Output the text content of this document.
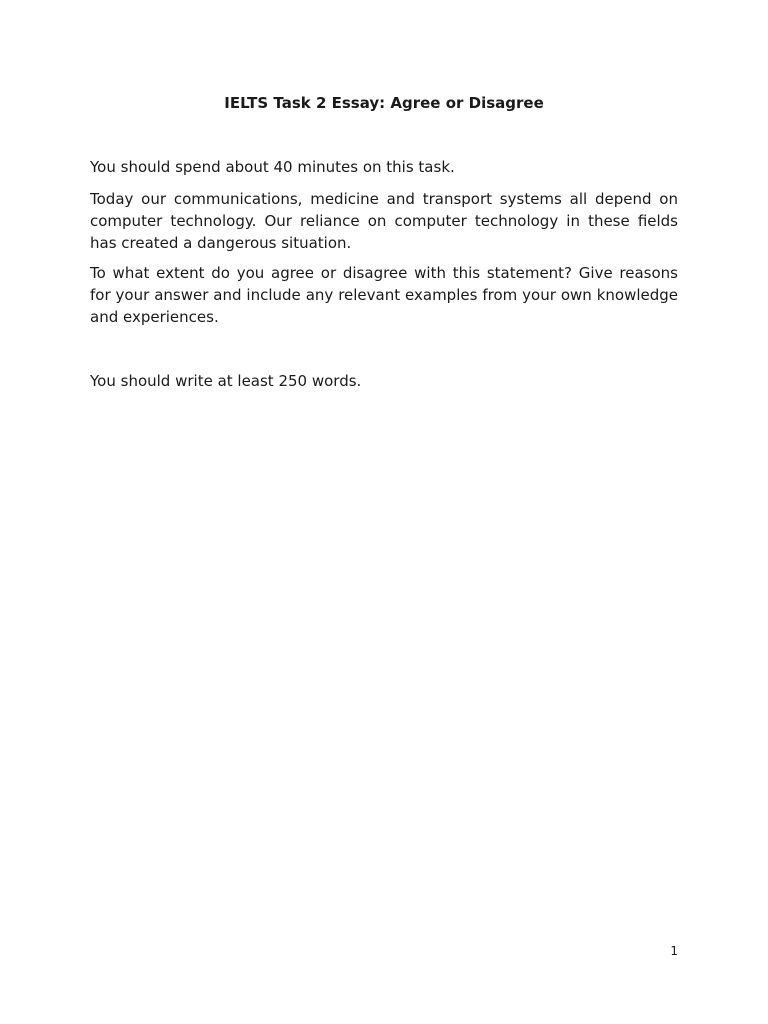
IELTS Task 2 Essay: Agree or Disagree

You should spend about 40 minutes on this task.

Today our communications, medicine and transport systems all depend on computer technology. Our reliance on computer technology in these fields has created a dangerous situation.

To what extent do you agree or disagree with this statement? Give reasons for your answer and include any relevant examples from your own knowledge and experiences.

You should write at least 250 words.

1
